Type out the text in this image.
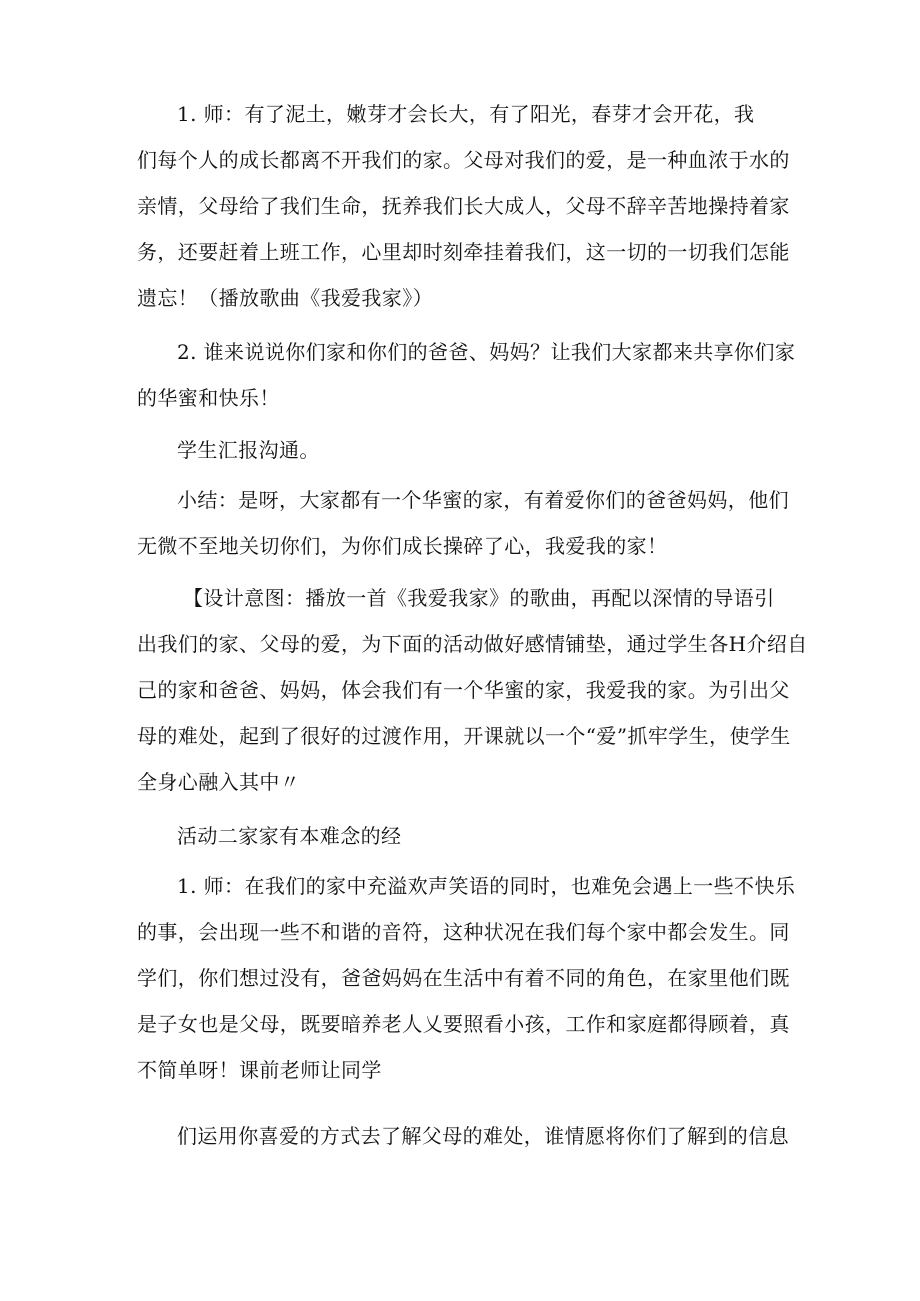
1. 师：有了泥土，嫩芽才会长大，有了阳光，春芽才会开花，我
们每个人的成长都离不开我们的家。父母对我们的爱，是一种血浓于水的
亲情，父母给了我们生命，抚养我们长大成人，父母不辞辛苦地操持着家
务，还要赶着上班工作，心里却时刻牵挂着我们，这一切的一切我们怎能
遗忘！（播放歌曲《我爱我家》）
2. 谁来说说你们家和你们的爸爸、妈妈？让我们大家都来共享你们家
的华蜜和快乐！
学生汇报沟通。
小结：是呀，大家都有一个华蜜的家，有着爱你们的爸爸妈妈，他们
无微不至地关切你们，为你们成长操碎了心，我爱我的家！
【设计意图：播放一首《我爱我家》的歌曲，再配以深情的导语引
出我们的家、父母的爱，为下面的活动做好感情铺垫，通过学生各H介绍自
己的家和爸爸、妈妈，体会我们有一个华蜜的家，我爱我的家。为引出父
母的难处，起到了很好的过渡作用，开课就以一个“爱”抓牢学生，使学生
全身心融入其中〃
活动二家家有本难念的经
1. 师：在我们的家中充溢欢声笑语的同时，也难免会遇上一些不快乐
的事，会出现一些不和谐的音符，这种状况在我们每个家中都会发生。同
学们，你们想过没有，爸爸妈妈在生活中有着不同的角色，在家里他们既
是子女也是父母，既要暗养老人乂要照看小孩，工作和家庭都得顾着，真
不简单呀！课前老师让同学
们运用你喜爱的方式去了解父母的难处，谁情愿将你们了解到的信息
